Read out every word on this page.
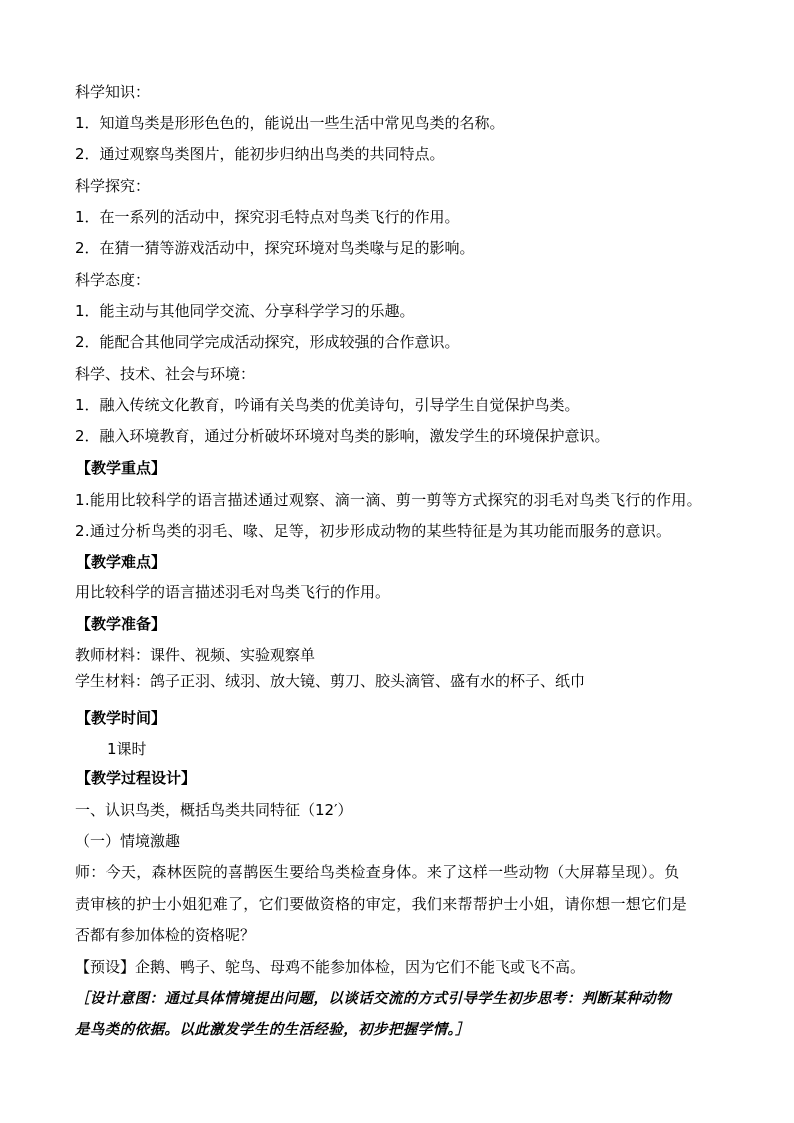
科学知识：
1．知道鸟类是形形色色的，能说出一些生活中常见鸟类的名称。
2．通过观察鸟类图片，能初步归纳出鸟类的共同特点。
科学探究：
1．在一系列的活动中，探究羽毛特点对鸟类飞行的作用。
2．在猜一猜等游戏活动中，探究环境对鸟类喙与足的影响。
科学态度：
1．能主动与其他同学交流、分享科学学习的乐趣。
2．能配合其他同学完成活动探究，形成较强的合作意识。
科学、技术、社会与环境：
1．融入传统文化教育，吟诵有关鸟类的优美诗句，引导学生自觉保护鸟类。
2．融入环境教育，通过分析破坏环境对鸟类的影响，激发学生的环境保护意识。
【教学重点】
1.能用比较科学的语言描述通过观察、滴一滴、剪一剪等方式探究的羽毛对鸟类飞行的作用。
2.通过分析鸟类的羽毛、喙、足等，初步形成动物的某些特征是为其功能而服务的意识。
【教学难点】
用比较科学的语言描述羽毛对鸟类飞行的作用。
【教学准备】
教师材料：课件、视频、实验观察单
学生材料：鸽子正羽、绒羽、放大镜、剪刀、胶头滴管、盛有水的杯子、纸巾
【教学时间】
1课时
【教学过程设计】
一、认识鸟类，概括鸟类共同特征（12′）
（一）情境激趣
师：今天，森林医院的喜鹊医生要给鸟类检查身体。来了这样一些动物（大屏幕呈现）。负
责审核的护士小姐犯难了，它们要做资格的审定，我们来帮帮护士小姐，请你想一想它们是
否都有参加体检的资格呢？
【预设】企鹅、鸭子、鸵鸟、母鸡不能参加体检，因为它们不能飞或飞不高。
［设计意图：通过具体情境提出问题，以谈话交流的方式引导学生初步思考：判断某种动物
是鸟类的依据。以此激发学生的生活经验，初步把握学情。］
